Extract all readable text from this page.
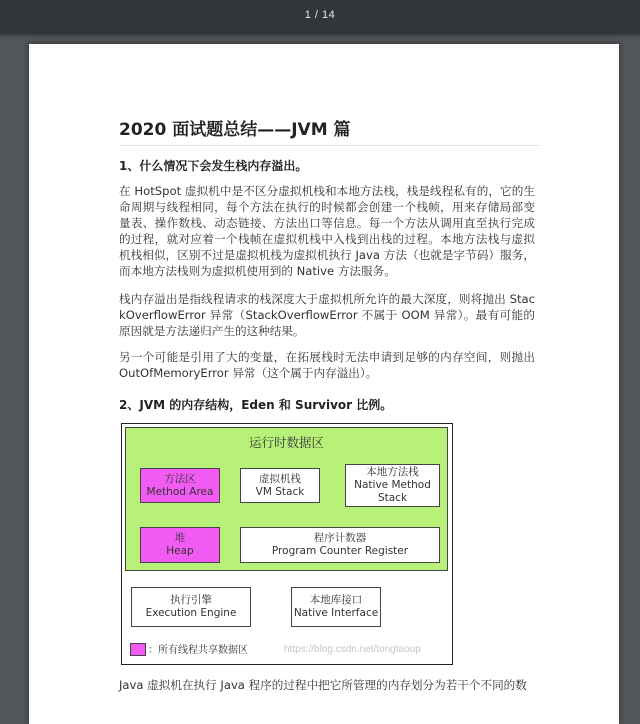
1 / 14
2020 面试题总结——JVM 篇
1、什么情况下会发生栈内存溢出。

在 HotSpot 虚拟机中是不区分虚拟机栈和本地方法栈，栈是线程私有的，它的生命周期与线程相同，每个方法在执行的时候都会创建一个栈帧，用来存储局部变量表、操作数栈、动态链接、方法出口等信息。每一个方法从调用直至执行完成的过程，就对应着一个栈帧在虚拟机栈中入栈到出栈的过程。本地方法栈与虚拟机栈相似，区别不过是虚拟机栈为虚拟机执行 Java 方法（也就是字节码）服务，而本地方法栈则为虚拟机使用到的 Native 方法服务。

栈内存溢出是指线程请求的栈深度大于虚拟机所允许的最大深度，则将抛出 StackOverflowError 异常（StackOverflowError 不属于 OOM 异常）。最有可能的原因就是方法递归产生的这种结果。

另一个可能是引用了大的变量，在拓展栈时无法申请到足够的内存空间，则抛出 OutOfMemoryError 异常（这个属于内存溢出）。

2、JVM 的内存结构，Eden 和 Survivor 比例。
运行时数据区
方法区
Method Area
虚拟机栈
VM Stack
本地方法栈
Native Method
Stack
堆
Heap
程序计数器
Program Counter Register
执行引擎
Execution Engine
本地库接口
Native Interface
：所有线程共享数据区	https://blog.csdn.net/tongtaoup

Java 虚拟机在执行 Java 程序的过程中把它所管理的内存划分为若干个不同的数
